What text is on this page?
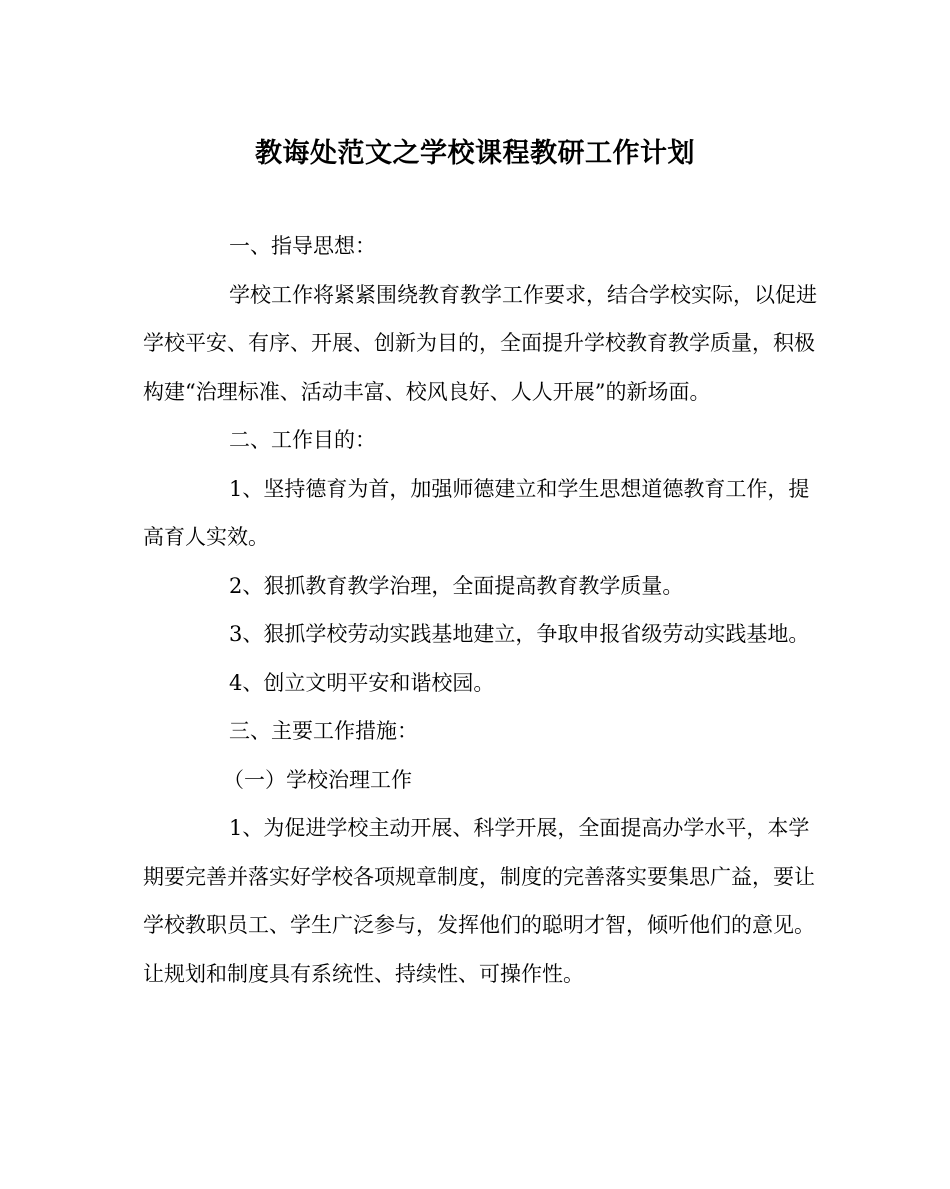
教诲处范文之学校课程教研工作计划

一、指导思想：

学校工作将紧紧围绕教育教学工作要求，结合学校实际，以促进学校平安、有序、开展、创新为目的，全面提升学校教育教学质量，积极构建“治理标准、活动丰富、校风良好、人人开展”的新场面。

二、工作目的：

1、坚持德育为首，加强师德建立和学生思想道德教育工作，提高育人实效。

2、狠抓教育教学治理，全面提高教育教学质量。

3、狠抓学校劳动实践基地建立，争取申报省级劳动实践基地。

4、创立文明平安和谐校园。

三、主要工作措施：

（一）学校治理工作

1、为促进学校主动开展、科学开展，全面提高办学水平，本学期要完善并落实好学校各项规章制度，制度的完善落实要集思广益，要让学校教职员工、学生广泛参与，发挥他们的聪明才智，倾听他们的意见。让规划和制度具有系统性、持续性、可操作性。
